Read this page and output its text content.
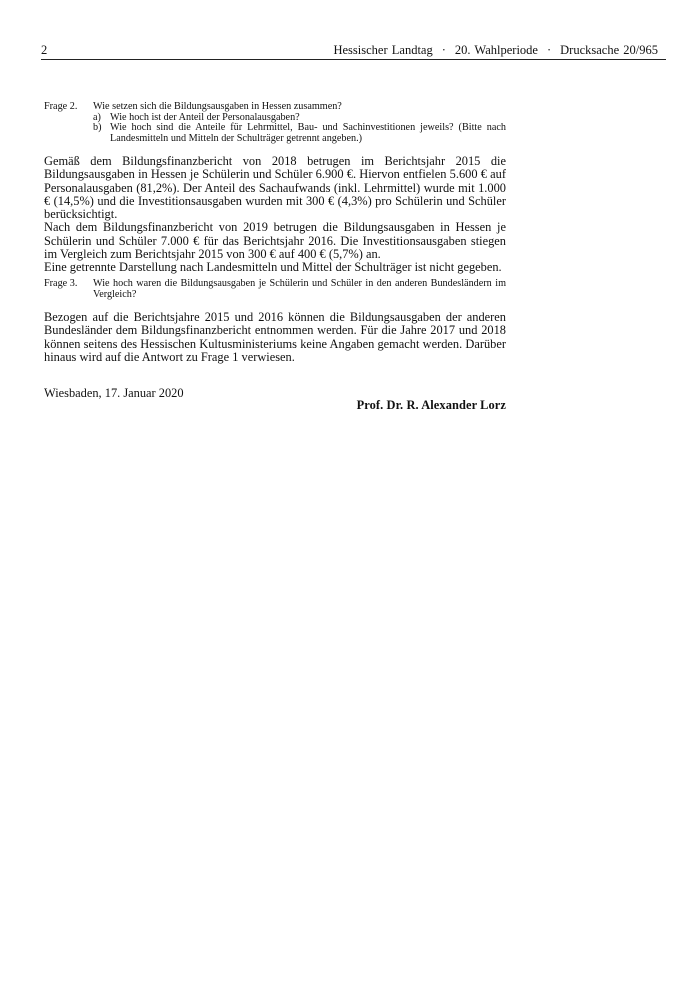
2	Hessischer Landtag · 20. Wahlperiode · Drucksache 20/965
Frage 2. Wie setzen sich die Bildungsausgaben in Hessen zusammen?
a) Wie hoch ist der Anteil der Personalausgaben?
b) Wie hoch sind die Anteile für Lehrmittel, Bau- und Sachinvestitionen jeweils? (Bitte nach Landesmitteln und Mitteln der Schulträger getrennt angeben.)

Gemäß dem Bildungsfinanzbericht von 2018 betrugen im Berichtsjahr 2015 die Bildungsausgaben in Hessen je Schülerin und Schüler 6.900 €. Hiervon entfielen 5.600 € auf Personalausgaben (81,2%). Der Anteil des Sachaufwands (inkl. Lehrmittel) wurde mit 1.000 € (14,5%) und die Investitionsausgaben wurden mit 300 € (4,3%) pro Schülerin und Schüler berücksichtigt.

Nach dem Bildungsfinanzbericht von 2019 betrugen die Bildungsausgaben in Hessen je Schülerin und Schüler 7.000 € für das Berichtsjahr 2016. Die Investitionsausgaben stiegen im Vergleich zum Berichtsjahr 2015 von 300 € auf 400 € (5,7%) an.

Eine getrennte Darstellung nach Landesmitteln und Mittel der Schulträger ist nicht gegeben.

Frage 3. Wie hoch waren die Bildungsausgaben je Schülerin und Schüler in den anderen Bundesländern im Vergleich?

Bezogen auf die Berichtsjahre 2015 und 2016 können die Bildungsausgaben der anderen Bundesländer dem Bildungsfinanzbericht entnommen werden. Für die Jahre 2017 und 2018 können seitens des Hessischen Kultusministeriums keine Angaben gemacht werden. Darüber hinaus wird auf die Antwort zu Frage 1 verwiesen.

Wiesbaden, 17. Januar 2020
Prof. Dr. R. Alexander Lorz
